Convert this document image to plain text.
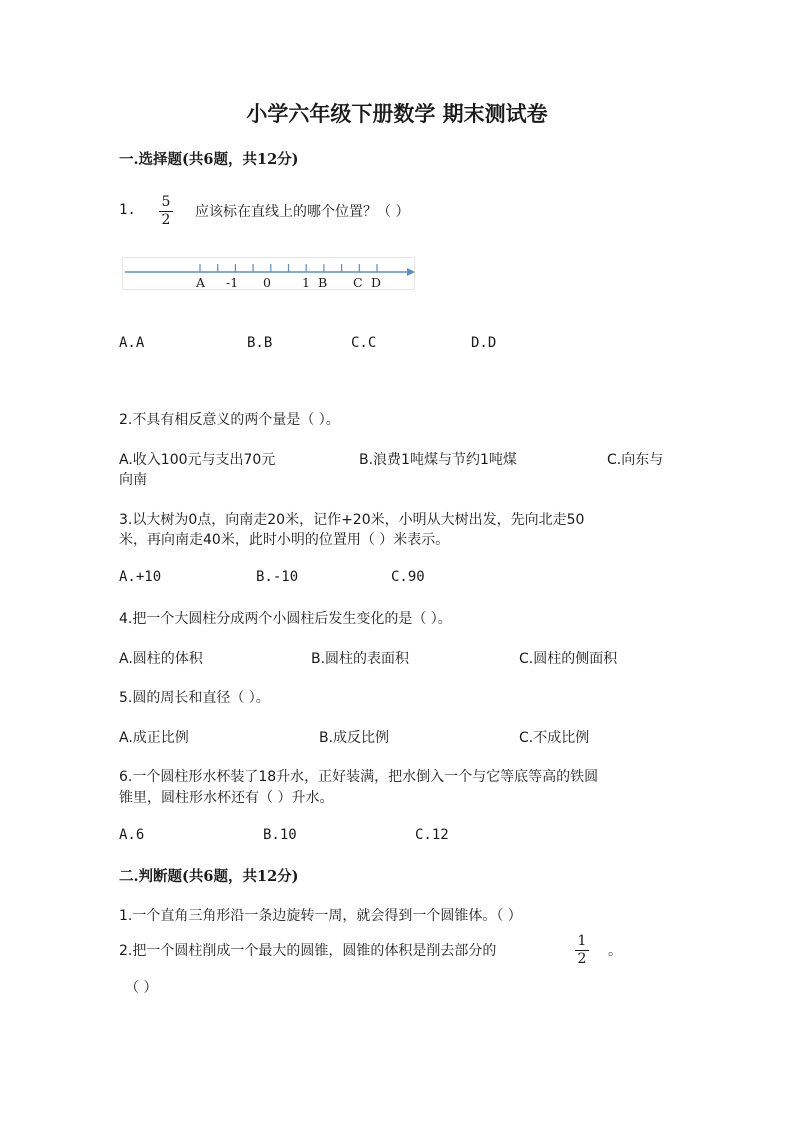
小学六年级下册数学 期末测试卷
一.选择题(共6题，共12分)
1. 5
2 应该标在直线上的哪个位置？（ ）
A -1 0 1 B C D
A.A	B.B	C.C	D.D
2.不具有相反意义的两个量是（ ）。
A.收入100元与支出70元	B.浪费1吨煤与节约1吨煤	C.向东与
向南
3.以大树为0点，向南走20米，记作+20米，小明从大树出发，先向北走50
米，再向南走40米，此时小明的位置用（ ）米表示。
A.+10	B.-10	C.90
4.把一个大圆柱分成两个小圆柱后发生变化的是（ ）。
A.圆柱的体积	B.圆柱的表面积	C.圆柱的侧面积
5.圆的周长和直径（ ）。
A.成正比例	B.成反比例	C.不成比例
6.一个圆柱形水杯装了18升水，正好装满，把水倒入一个与它等底等高的铁圆
锥里，圆柱形水杯还有（ ）升水。
A.6	B.10	C.12
二.判断题(共6题，共12分)
1.一个直角三角形沿一条边旋转一周，就会得到一个圆锥体。（ ）
2.把一个圆柱削成一个最大的圆锥，圆锥的体积是削去部分的
1
2 。
（ ）
